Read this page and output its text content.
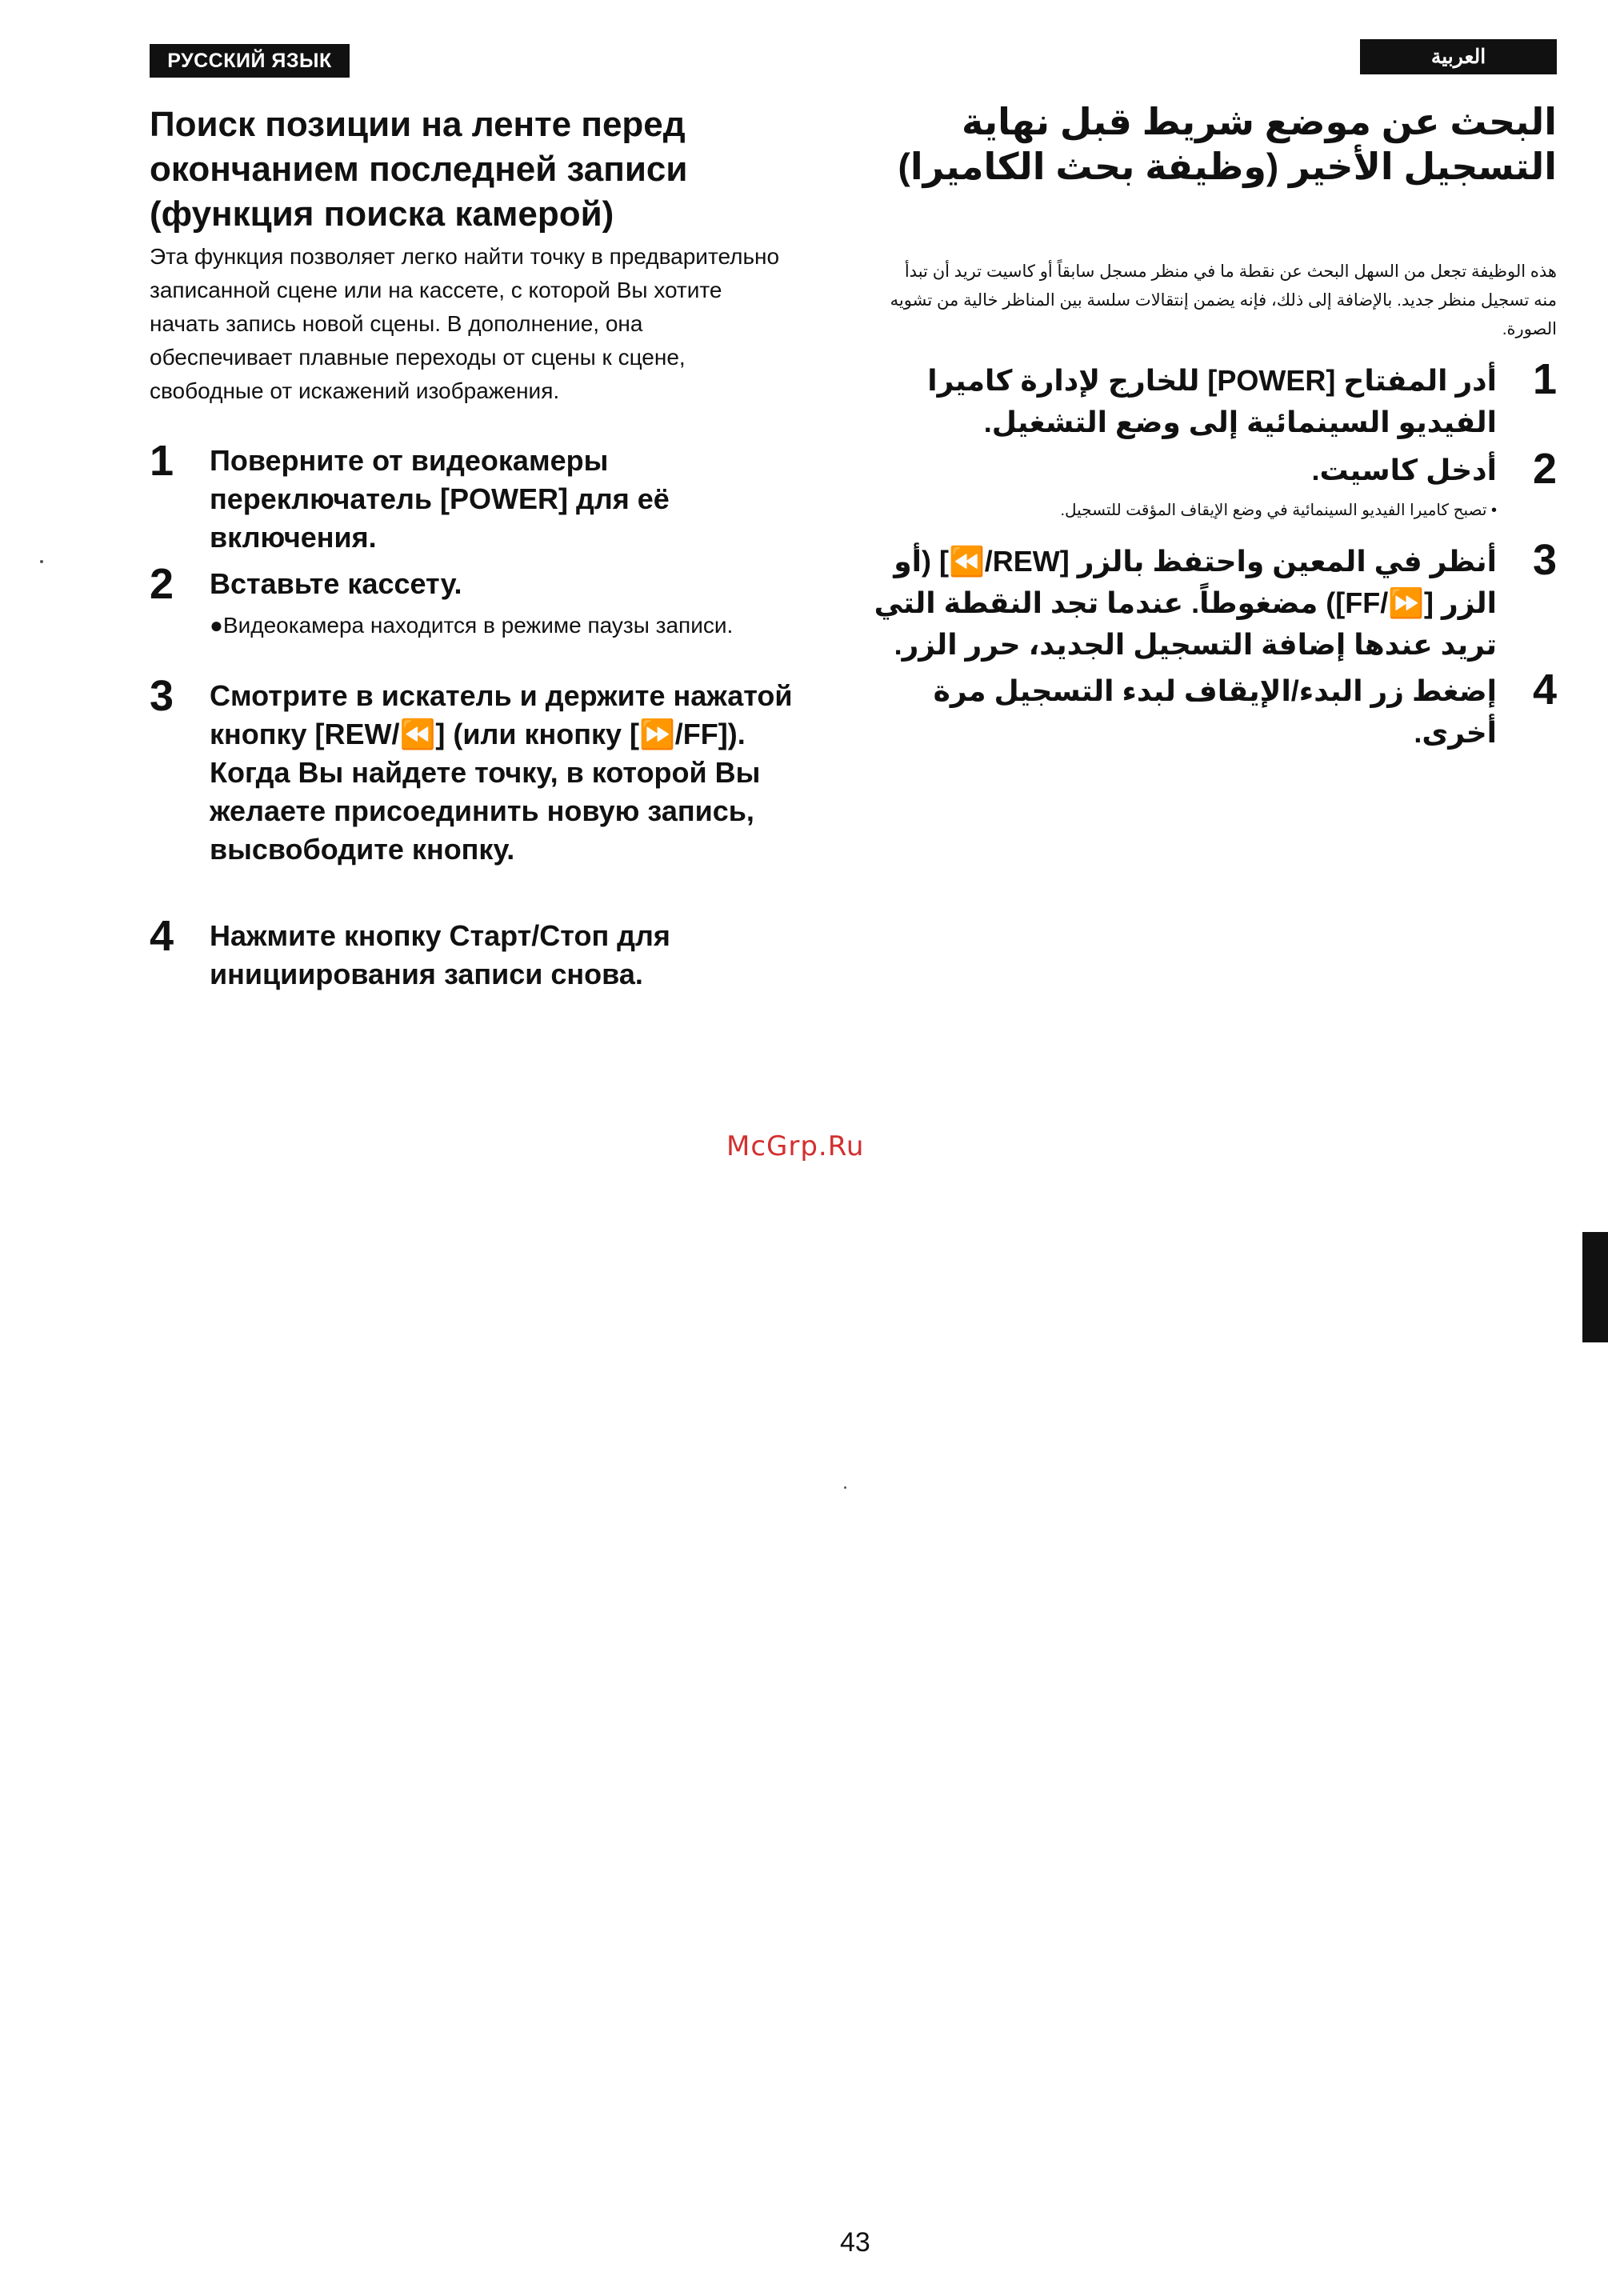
РУССКИЙ ЯЗЫК	العربية
Поиск позиции на ленте перед окончанием последней записи (функция поиска камерой)

Эта функция позволяет легко найти точку в предварительно записанной сцене или на кассете, с которой Вы хотите начать запись новой сцены. В дополнение, она обеспечивает плавные переходы от сцены к сцене, свободные от искажений изображения.

1 Поверните от видеокамеры переключатель [POWER] для её включения.
2 Вставьте кассету.
●Видеокамера находится в режиме паузы записи.
3 Смотрите в искатель и держите нажатой кнопку [REW/⏪] (или кнопку [⏩/FF]). Когда Вы найдете точку, в которой Вы желаете присоединить новую запись, высвободите кнопку.
4 Нажмите кнопку Старт/Стоп для инициирования записи снова.
البحث عن موضع شريط قبل نهاية التسجيل الأخير (وظيفة بحث الكاميرا)

هذه الوظيفة تجعل من السهل البحث عن نقطة ما في منظر مسجل سابقاً أو كاسيت تريد أن تبدأ منه تسجيل منظر جديد. بالإضافة إلى ذلك، فإنه يضمن إنتقالات سلسة بين المناظر خالية من تشويه الصورة.

1
أدر المفتاح [POWER] للخارج لإدارة كاميرا الفيديو السينمائية إلى وضع التشغيل.
2
أدخل كاسيت.
• تصبح كاميرا الفيديو السينمائية في وضع الإيقاف المؤقت للتسجيل.
3
أنظر في المعين واحتفظ بالزر [REW/⏪] (أو الزر [⏩/FF]) مضغوطاً. عندما تجد النقطة التي تريد عندها إضافة التسجيل الجديد، حرر الزر.
4
إضغط زر البدء/الإيقاف لبدء التسجيل مرة أخرى.
McGrp.Ru
43
